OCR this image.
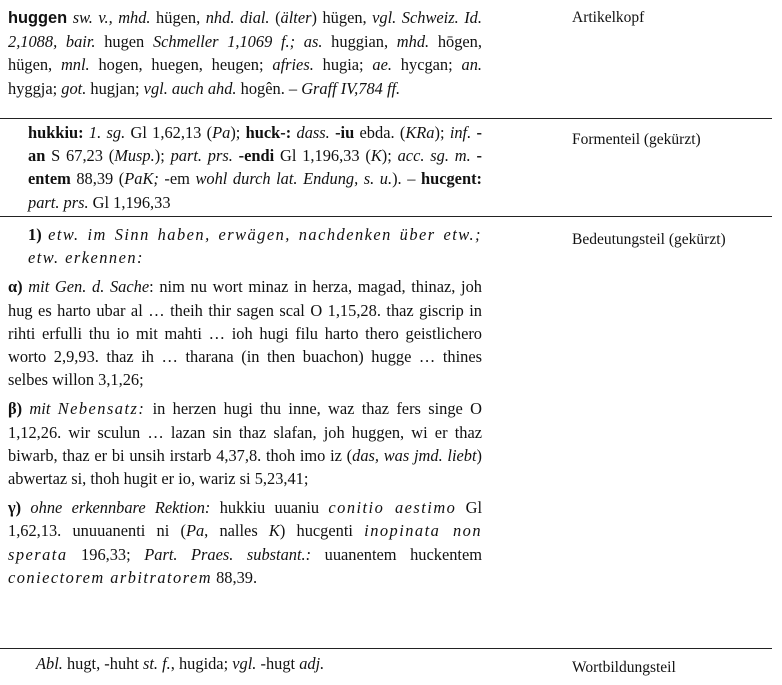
huggen sw. v., mhd. hügen, nhd. dial. (älter) hügen, vgl. Schweiz. Id. 2,1088, bair. hugen Schmeller 1,1069 f.; as. huggian, mhd. hōgen, hügen, mnl. hogen, huegen, heugen; afries. hugia; ae. hycgan; an. hyggja; got. hugjan; vgl. auch ahd. hogên. – Graff IV,784 ff.
Artikelkopf
hukkiu: 1. sg. Gl 1,62,13 (Pa); huck-: dass. -iu ebda. (KRa); inf. -an S 67,23 (Musp.); part. prs. -endi Gl 1,196,33 (K); acc. sg. m. -entem 88,39 (PaK; -em wohl durch lat. Endung, s. u.). – hucgent: part. prs. Gl 1,196,33
Formenteil (gekürzt)
1) etw. im Sinn haben, erwägen, nachdenken über etw.; etw. erkennen:
α) mit Gen. d. Sache: nim nu wort minaz in herza, magad, thinaz, joh hug es harto ubar al … theih thir sagen scal O 1,15,28. thaz giscrip in rihti erfulli thu io mit mahti … ioh hugi filu harto thero geistlichero worto 2,9,93. thaz ih … tharana (in then buachon) hugge … thines selbes willon 3,1,26;
β) mit Nebensatz: in herzen hugi thu inne, waz thaz fers singe O 1,12,26. wir sculun … lazan sin thaz slafan, joh huggen, wi er thaz biwarb, thaz er bi unsih irstarb 4,37,8. thoh imo iz (das, was jmd. liebt) abwertaz si, thoh hugit er io, wariz si 5,23,41;
γ) ohne erkennbare Rektion: hukkiu uuaniu conitio aestimo Gl 1,62,13. unuuanenti ni (Pa, nalles K) hucgenti inopinata non sperata 196,33; Part. Praes. substant.: uuanentem huckentem coniectorem arbitratorem 88,39.
Bedeutungsteil (gekürzt)
Abl. hugt, -huht st. f., hugida; vgl. -hugt adj.	Wortbildungsteil
